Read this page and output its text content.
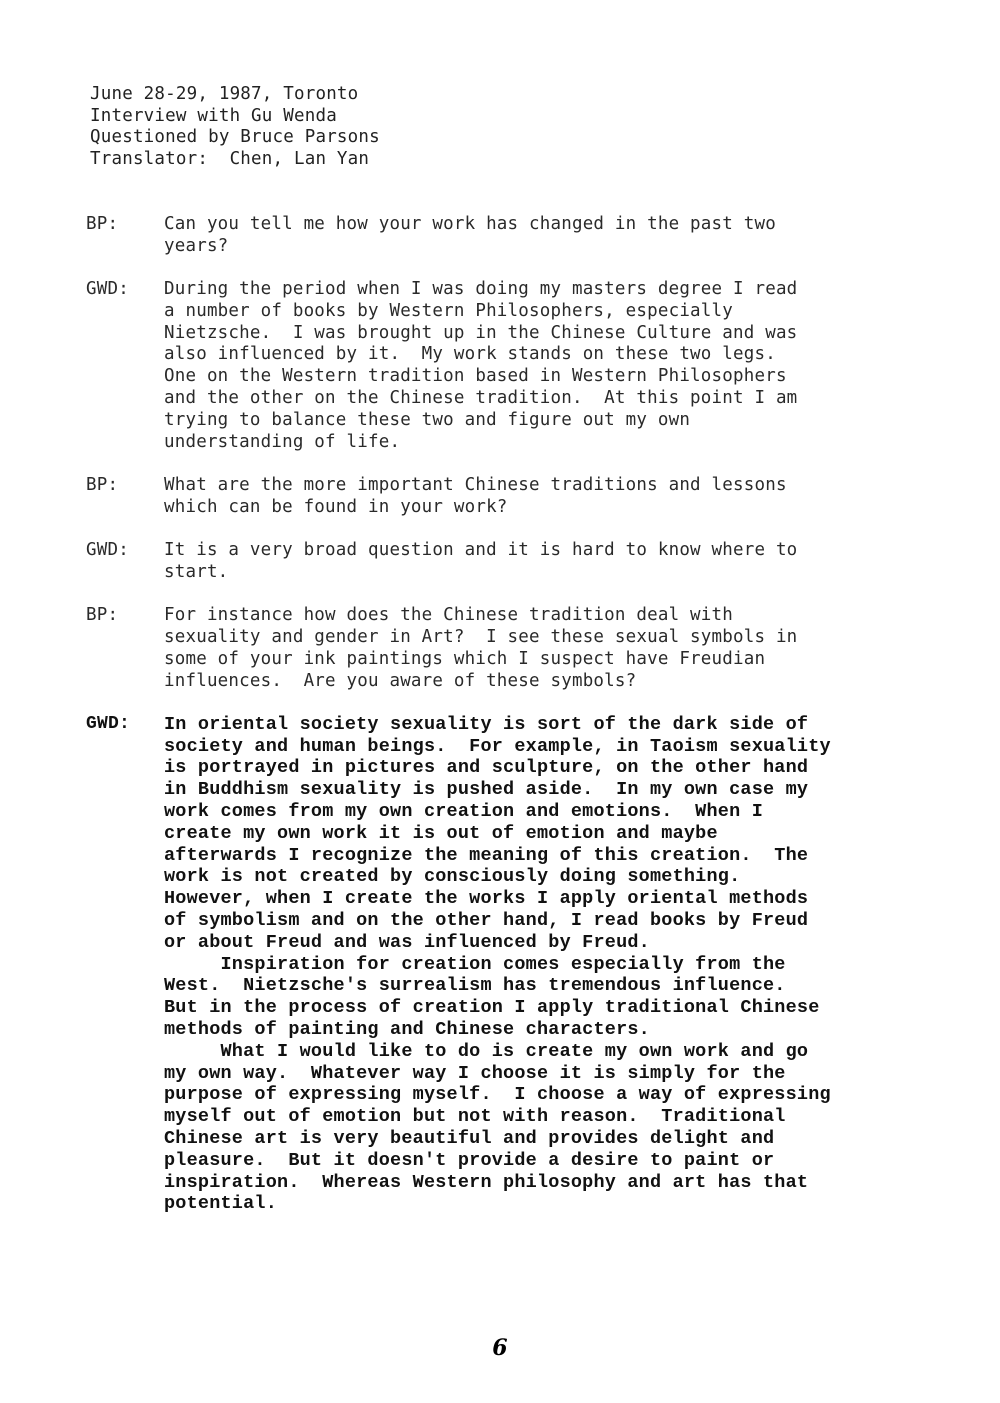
June 28-29, 1987, Toronto
Interview with Gu Wenda
Questioned by Bruce Parsons
Translator:  Chen, Lan Yan
BP:	Can you tell me how your work has changed in the past two
years?
GWD:	During the period when I was doing my masters degree I read
a number of books by Western Philosophers, especially
Nietzsche.  I was brought up in the Chinese Culture and was
also influenced by it.  My work stands on these two legs.
One on the Western tradition based in Western Philosophers
and the other on the Chinese tradition.  At this point I am
trying to balance these two and figure out my own
understanding of life.
BP:	What are the more important Chinese traditions and lessons
which can be found in your work?
GWD:	It is a very broad question and it is hard to know where to
start.
BP:	For instance how does the Chinese tradition deal with
sexuality and gender in Art?  I see these sexual symbols in
some of your ink paintings which I suspect have Freudian
influences.  Are you aware of these symbols?
GWD:	In oriental society sexuality is sort of the dark side of
society and human beings.  For example, in Taoism sexuality
is portrayed in pictures and sculpture, on the other hand
in Buddhism sexuality is pushed aside.  In my own case my
work comes from my own creation and emotions.  When I
create my own work it is out of emotion and maybe
afterwards I recognize the meaning of this creation.  The
work is not created by consciously doing something.
However, when I create the works I apply oriental methods
of symbolism and on the other hand, I read books by Freud
or about Freud and was influenced by Freud.
Inspiration for creation comes especially from the
West.  Nietzsche's surrealism has tremendous influence.
But in the process of creation I apply traditional Chinese
methods of painting and Chinese characters.
What I would like to do is create my own work and go
my own way.  Whatever way I choose it is simply for the
purpose of expressing myself.  I choose a way of expressing
myself out of emotion but not with reason.  Traditional
Chinese art is very beautiful and provides delight and
pleasure.  But it doesn't provide a desire to paint or
inspiration.  Whereas Western philosophy and art has that
potential.
6
